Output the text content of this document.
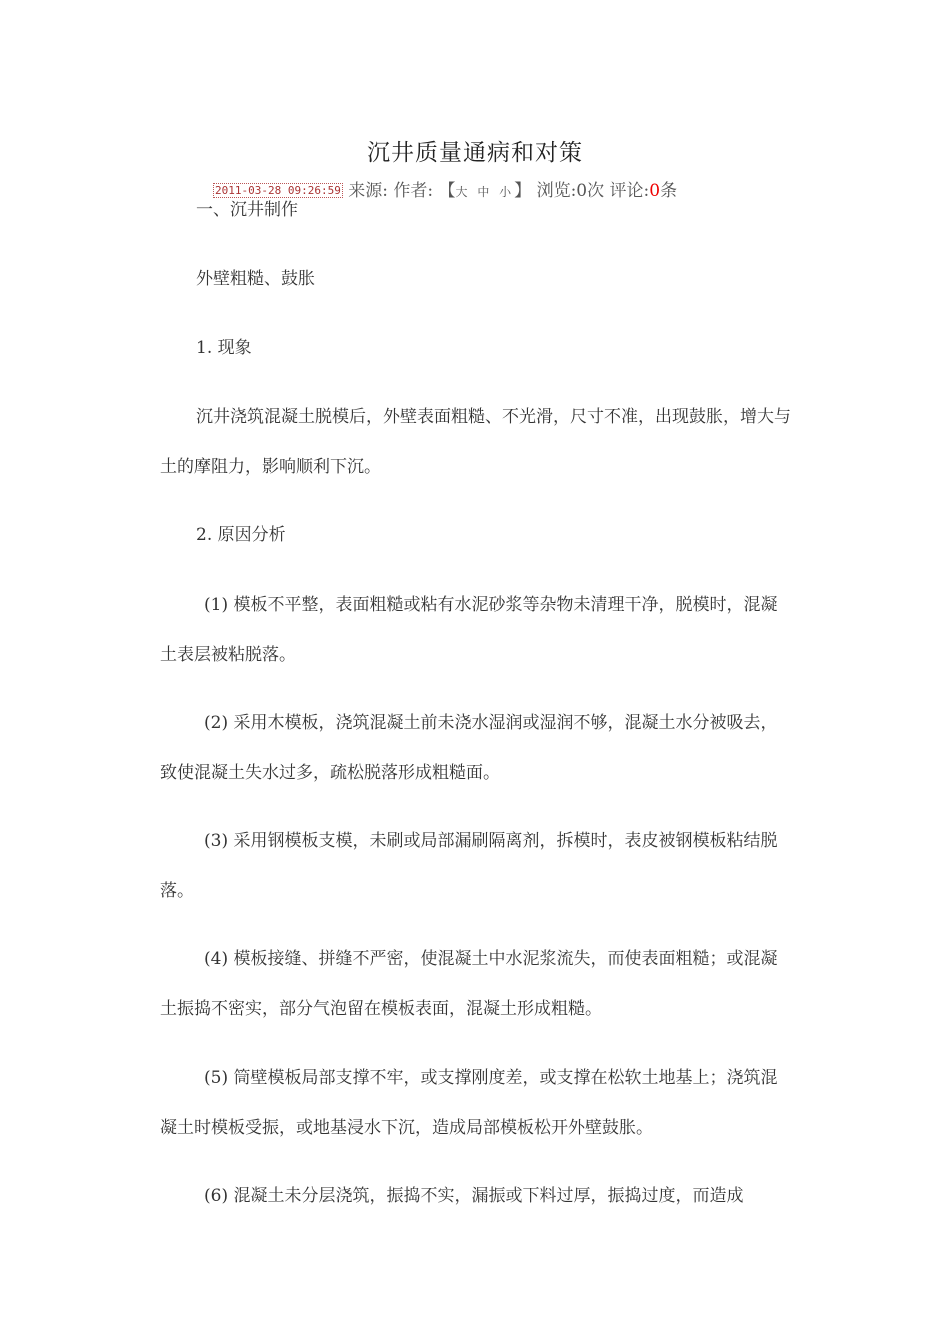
沉井质量通病和对策
2011-03-28 09:26:59 来源: 作者: 【大 中 小】 浏览:0次 评论:0条
一、沉井制作
外壁粗糙、鼓胀
1. 现象
沉井浇筑混凝土脱模后，外壁表面粗糙、不光滑，尺寸不准，出现鼓胀，增大与土的摩阻力，影响顺利下沉。
2. 原因分析
(1) 模板不平整，表面粗糙或粘有水泥砂浆等杂物未清理干净，脱模时，混凝土表层被粘脱落。
(2) 采用木模板，浇筑混凝土前未浇水湿润或湿润不够，混凝土水分被吸去，致使混凝土失水过多，疏松脱落形成粗糙面。
(3) 采用钢模板支模，未刷或局部漏刷隔离剂，拆模时，表皮被钢模板粘结脱落。
(4) 模板接缝、拼缝不严密，使混凝土中水泥浆流失，而使表面粗糙；或混凝土振捣不密实，部分气泡留在模板表面，混凝土形成粗糙。
(5) 筒壁模板局部支撑不牢，或支撑刚度差，或支撑在松软土地基上；浇筑混凝土时模板受振，或地基浸水下沉，造成局部模板松开外壁鼓胀。
(6) 混凝土未分层浇筑，振捣不实，漏振或下料过厚，振捣过度，而造成
